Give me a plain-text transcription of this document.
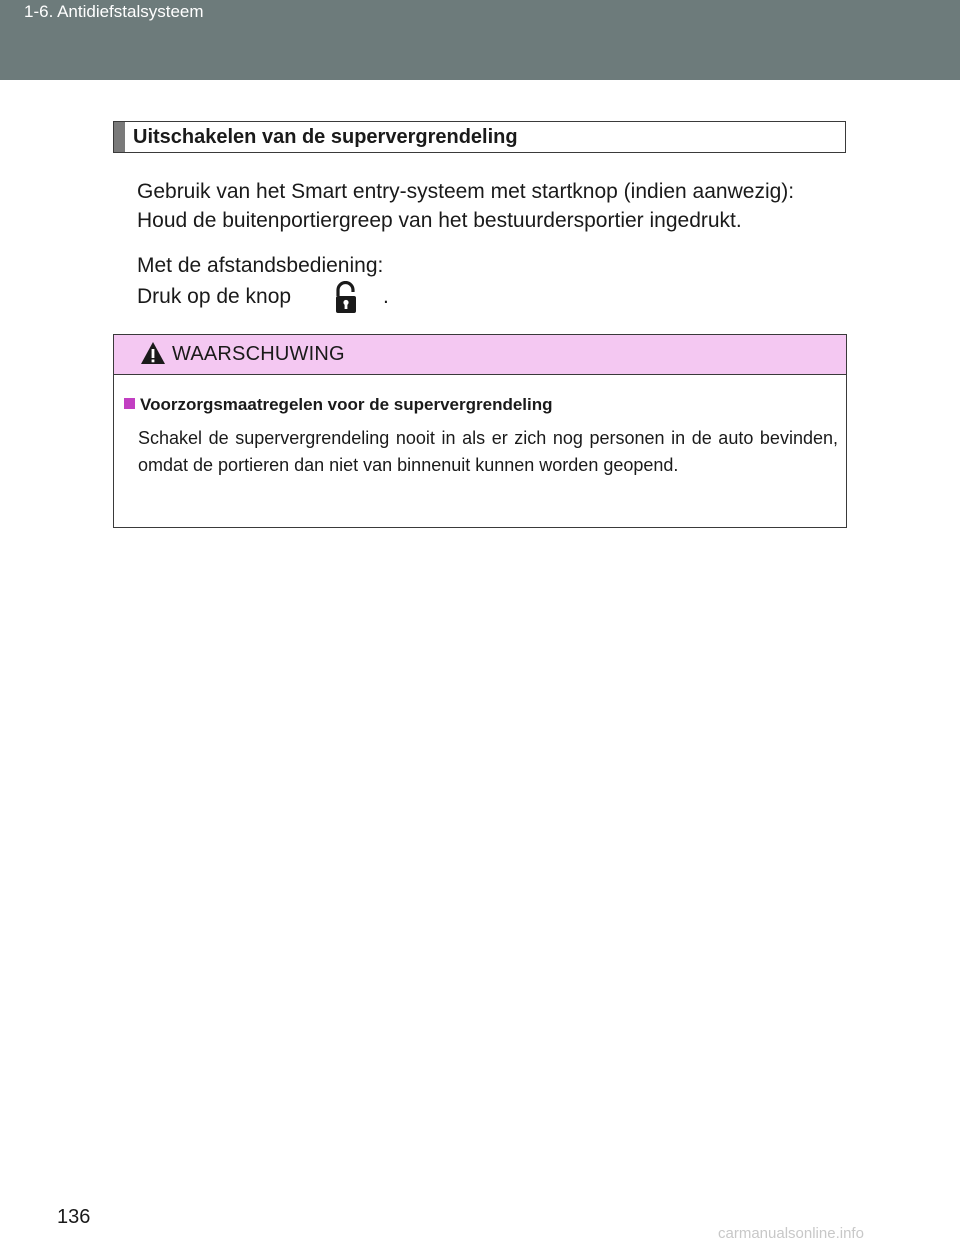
1-6. Antidiefstalsysteem
Uitschakelen van de supervergrendeling
Gebruik van het Smart entry-systeem met startknop (indien aanwezig):
Houd de buitenportiergreep van het bestuurdersportier ingedrukt.
Met de afstandsbediening:
Druk op de knop	.
WAARSCHUWING
Voorzorgsmaatregelen voor de supervergrendeling
Schakel de supervergrendeling nooit in als er zich nog personen in de auto bevinden, omdat de portieren dan niet van binnenuit kunnen worden geopend.
136
carmanualsonline.info
